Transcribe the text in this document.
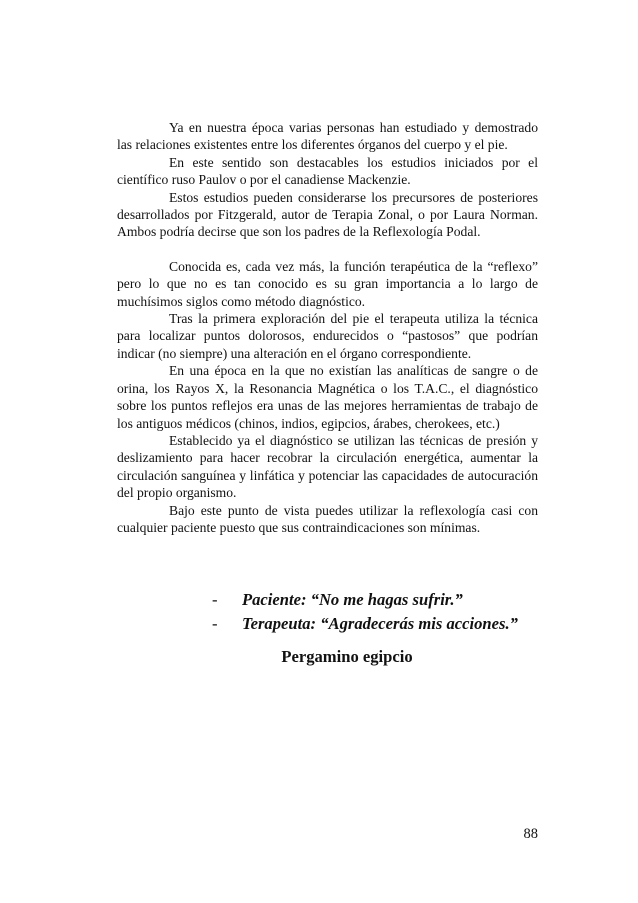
Ya en nuestra época varias personas han estudiado y demostrado las relaciones existentes entre los diferentes órganos del cuerpo y el pie.

En este sentido son destacables los estudios iniciados por el científico ruso Paulov o por el canadiense Mackenzie.

Estos estudios pueden considerarse los precursores de posteriores desarrollados por Fitzgerald, autor de Terapia Zonal, o por Laura Norman. Ambos podría decirse que son los padres de la Reflexología Podal.

Conocida es, cada vez más, la función terapéutica de la “reflexo” pero lo que no es tan conocido es su gran importancia a lo largo de muchísimos siglos como método diagnóstico.

Tras la primera exploración del pie el terapeuta utiliza la técnica para localizar puntos dolorosos, endurecidos o “pastosos” que podrían indicar (no siempre) una alteración en el órgano correspondiente.

En una época en la que no existían las analíticas de sangre o de orina, los Rayos X, la Resonancia Magnética o los T.A.C., el diagnóstico sobre los puntos reflejos era unas de las mejores herramientas de trabajo de los antiguos médicos (chinos, indios, egipcios, árabes, cherokees, etc.)

Establecido ya el diagnóstico se utilizan las técnicas de presión y deslizamiento para hacer recobrar la circulación energética, aumentar la circulación sanguínea y linfática y potenciar las capacidades de autocuración del propio organismo.

Bajo este punto de vista puedes utilizar la reflexología casi con cualquier paciente puesto que sus contraindicaciones son mínimas.

- Paciente: “No me hagas sufrir.”
- Terapeuta: “Agradecerás mis acciones.”
Pergamino egipcio
88
